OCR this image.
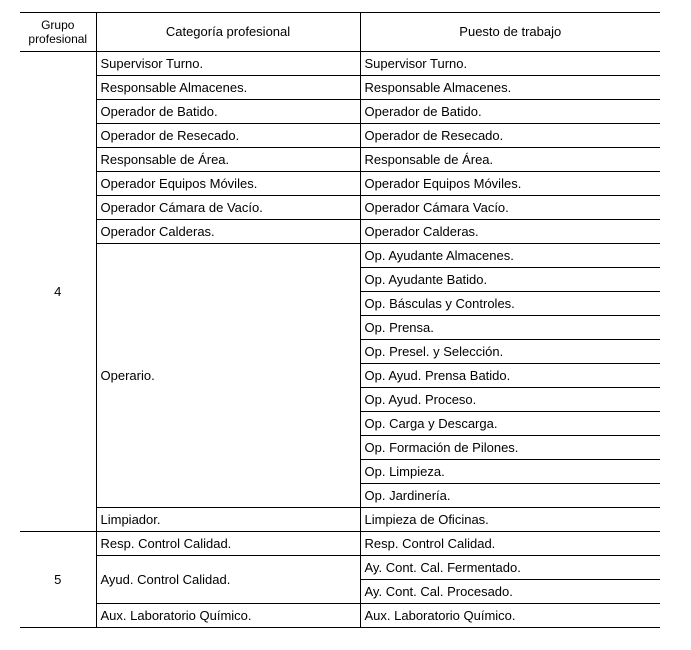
Grupo profesional	Categoría profesional	Puesto de trabajo
4	Supervisor Turno.	Supervisor Turno.
	Responsable Almacenes.	Responsable Almacenes.
	Operador de Batido.	Operador de Batido.
	Operador de Resecado.	Operador de Resecado.
	Responsable de Área.	Responsable de Área.
	Operador Equipos Móviles.	Operador Equipos Móviles.
	Operador Cámara de Vacío.	Operador Cámara Vacío.
	Operador Calderas.	Operador Calderas.
	Operario.	Op. Ayudante Almacenes.
		Op. Ayudante Batido.
		Op. Básculas y Controles.
		Op. Prensa.
		Op. Presel. y Selección.
		Op. Ayud. Prensa Batido.
		Op. Ayud. Proceso.
		Op. Carga y Descarga.
		Op. Formación de Pilones.
		Op. Limpieza.
		Op. Jardinería.
	Limpiador.	Limpieza de Oficinas.
5	Resp. Control Calidad.	Resp. Control Calidad.
	Ayud. Control Calidad.	Ay. Cont. Cal. Fermentado.
		Ay. Cont. Cal. Procesado.
	Aux. Laboratorio Químico.	Aux. Laboratorio Químico.
